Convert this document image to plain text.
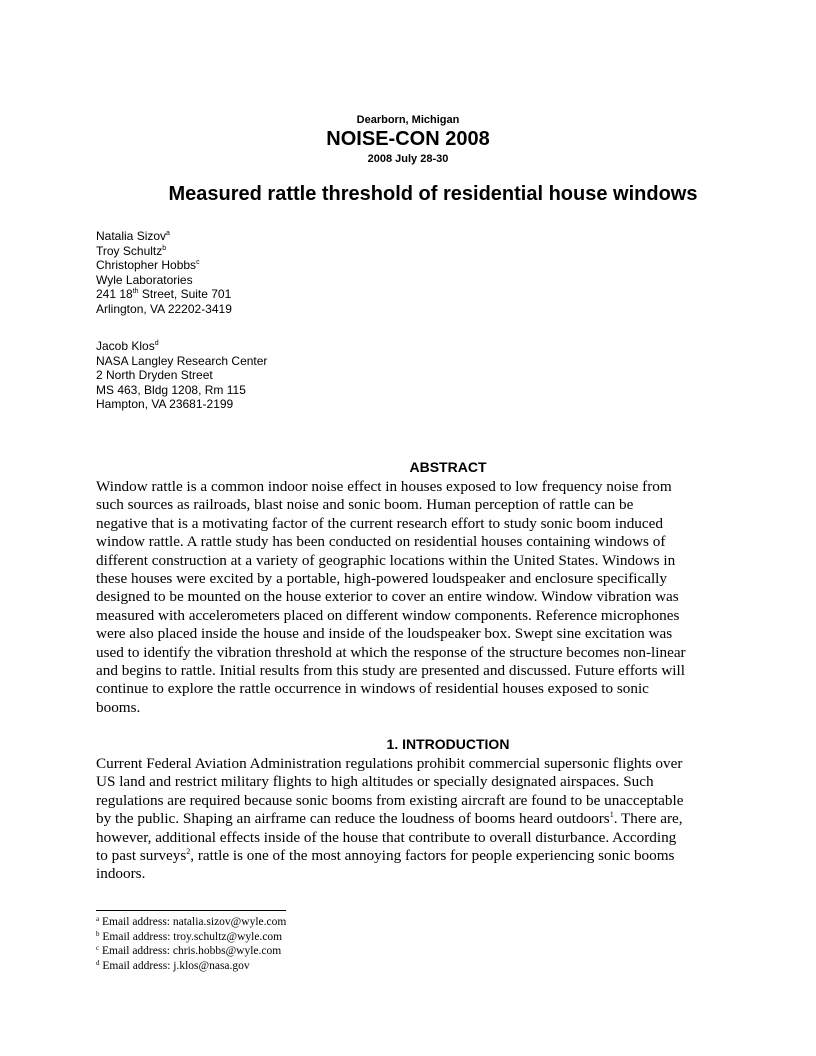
Dearborn, Michigan
NOISE-CON 2008
2008 July 28-30
Measured rattle threshold of residential house windows
Natalia Sizov$^a$
Troy Schultz$^b$
Christopher Hobbs$^c$
Wyle Laboratories
241 18th Street, Suite 701
Arlington, VA 22202-3419
Jacob Klos$^d$
NASA Langley Research Center
2 North Dryden Street
MS 463, Bldg 1208, Rm 115
Hampton, VA 23681-2199
ABSTRACT
Window rattle is a common indoor noise effect in houses exposed to low frequency noise from
such sources as railroads, blast noise and sonic boom. Human perception of rattle can be
negative that is a motivating factor of the current research effort to study sonic boom induced
window rattle. A rattle study has been conducted on residential houses containing windows of
different construction at a variety of geographic locations within the United States. Windows in
these houses were excited by a portable, high-powered loudspeaker and enclosure specifically
designed to be mounted on the house exterior to cover an entire window. Window vibration was
measured with accelerometers placed on different window components. Reference microphones
were also placed inside the house and inside of the loudspeaker box. Swept sine excitation was
used to identify the vibration threshold at which the response of the structure becomes non-linear
and begins to rattle. Initial results from this study are presented and discussed. Future efforts will
continue to explore the rattle occurrence in windows of residential houses exposed to sonic
booms.
1. INTRODUCTION
Current Federal Aviation Administration regulations prohibit commercial supersonic flights over
US land and restrict military flights to high altitudes or specially designated airspaces. Such
regulations are required because sonic booms from existing aircraft are found to be unacceptable
by the public. Shaping an airframe can reduce the loudness of booms heard outdoors$^1$. There are,
however, additional effects inside of the house that contribute to overall disturbance. According
to past surveys$^2$, rattle is one of the most annoying factors for people experiencing sonic booms
indoors.
$^a$ Email address: natalia.sizov@wyle.com
$^b$ Email address: troy.schultz@wyle.com
$^c$ Email address: chris.hobbs@wyle.com
$^d$ Email address: j.klos@nasa.gov
